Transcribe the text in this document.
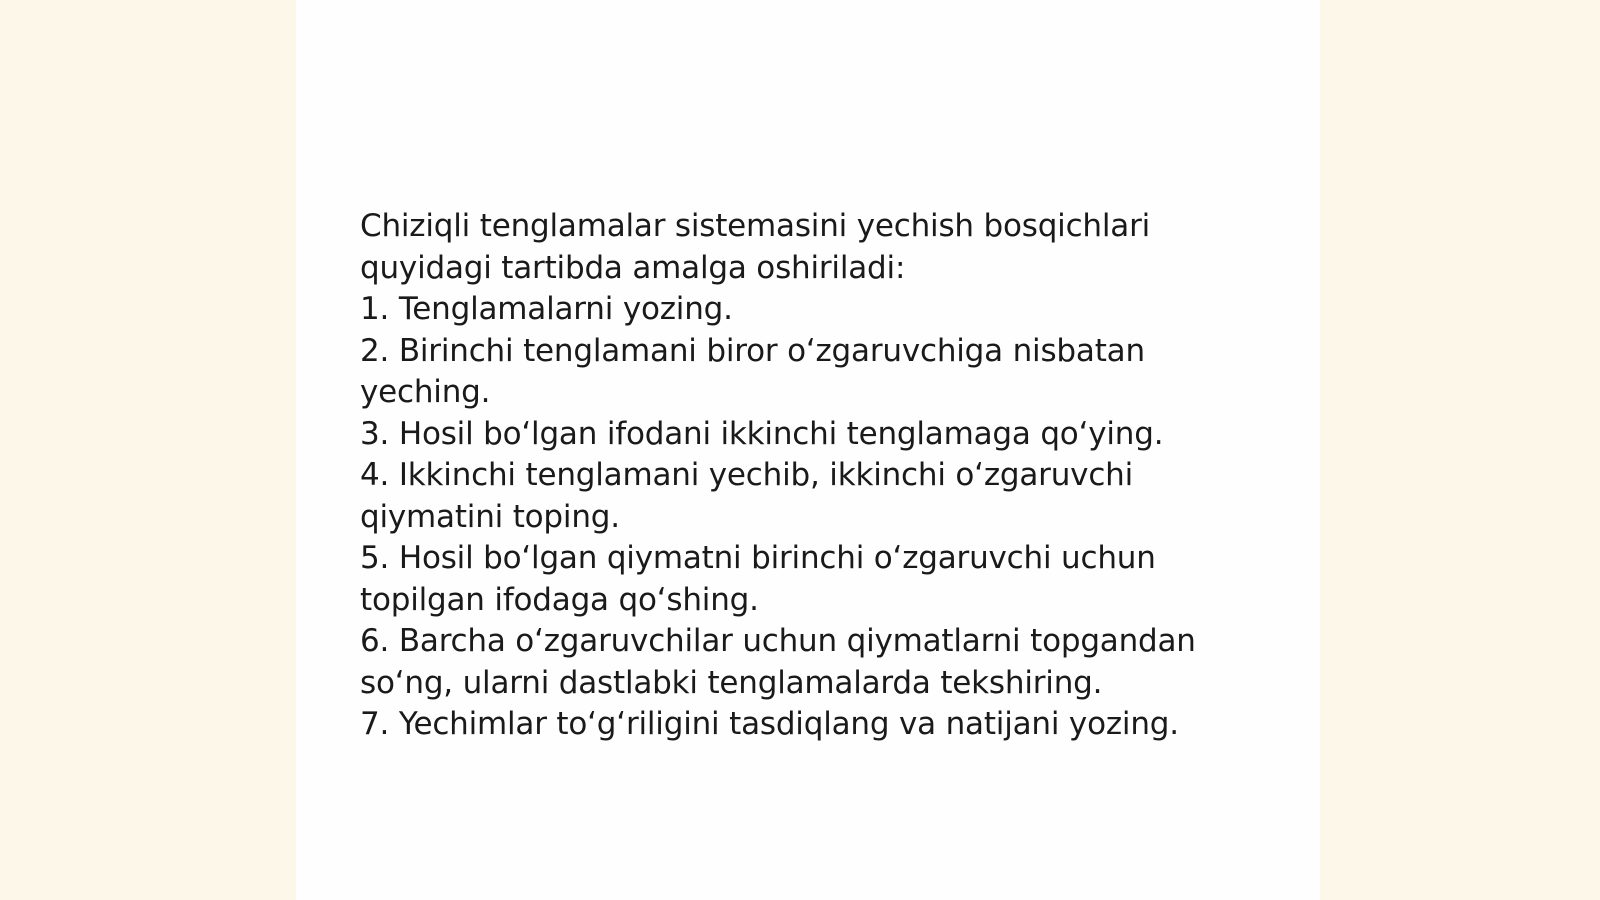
Chiziqli tenglamalar sistemasini yechish bosqichlari quyidagi tartibda amalga oshiriladi:

1. Tenglamalarni yozing.

2. Birinchi tenglamani biror oʻzgaruvchiga nisbatan yeching.

3. Hosil boʻlgan ifodani ikkinchi tenglamaga qoʻying.

4. Ikkinchi tenglamani yechib, ikkinchi oʻzgaruvchi qiymatini toping.

5. Hosil boʻlgan qiymatni birinchi oʻzgaruvchi uchun topilgan ifodaga qoʻshing.

6. Barcha oʻzgaruvchilar uchun qiymatlarni topgandan soʻng, ularni dastlabki tenglamalarda tekshiring.

7. Yechimlar toʻgʻriligini tasdiqlang va natijani yozing.
